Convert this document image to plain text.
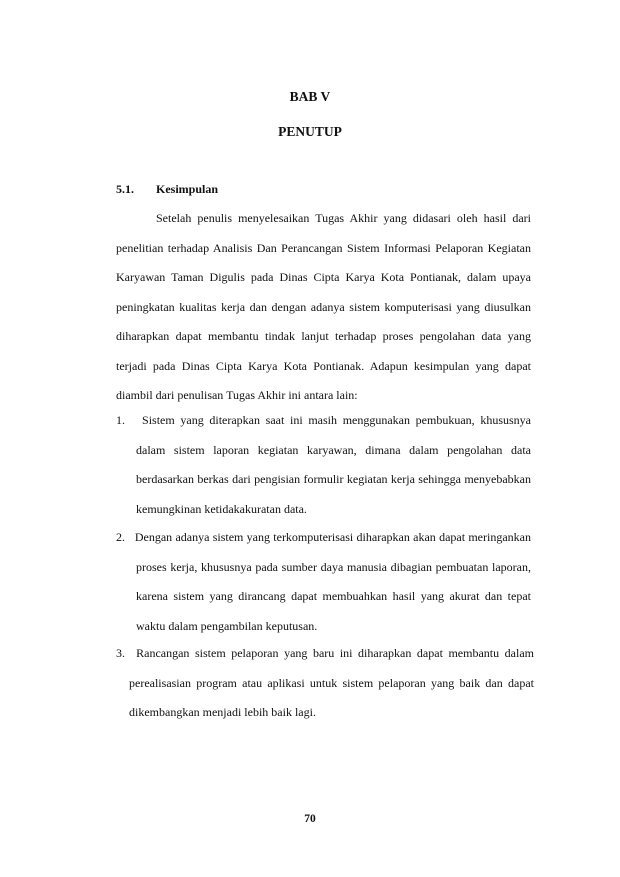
BAB V
PENUTUP

5.1. Kesimpulan

Setelah penulis menyelesaikan Tugas Akhir yang didasari oleh hasil dari penelitian terhadap Analisis Dan Perancangan Sistem Informasi Pelaporan Kegiatan Karyawan Taman Digulis pada Dinas Cipta Karya Kota Pontianak, dalam upaya peningkatan kualitas kerja dan dengan adanya sistem komputerisasi yang diusulkan diharapkan dapat membantu tindak lanjut terhadap proses pengolahan data yang terjadi pada Dinas Cipta Karya Kota Pontianak. Adapun kesimpulan yang dapat diambil dari penulisan Tugas Akhir ini antara lain:

1.   Sistem yang diterapkan saat ini masih menggunakan pembukuan, khususnya dalam sistem laporan kegiatan karyawan, dimana dalam pengolahan data berdasarkan berkas dari pengisian formulir kegiatan kerja sehingga menyebabkan kemungkinan ketidakakuratan data.

2.   Dengan adanya sistem yang terkomputerisasi diharapkan akan dapat meringankan proses kerja, khususnya pada sumber daya manusia dibagian pembuatan laporan, karena sistem yang dirancang dapat membuahkan hasil yang akurat dan tepat waktu dalam pengambilan keputusan.

3.  Rancangan sistem pelaporan yang baru ini diharapkan dapat membantu dalam perealisasian program atau aplikasi untuk sistem pelaporan yang baik dan dapat dikembangkan menjadi lebih baik lagi.

70
